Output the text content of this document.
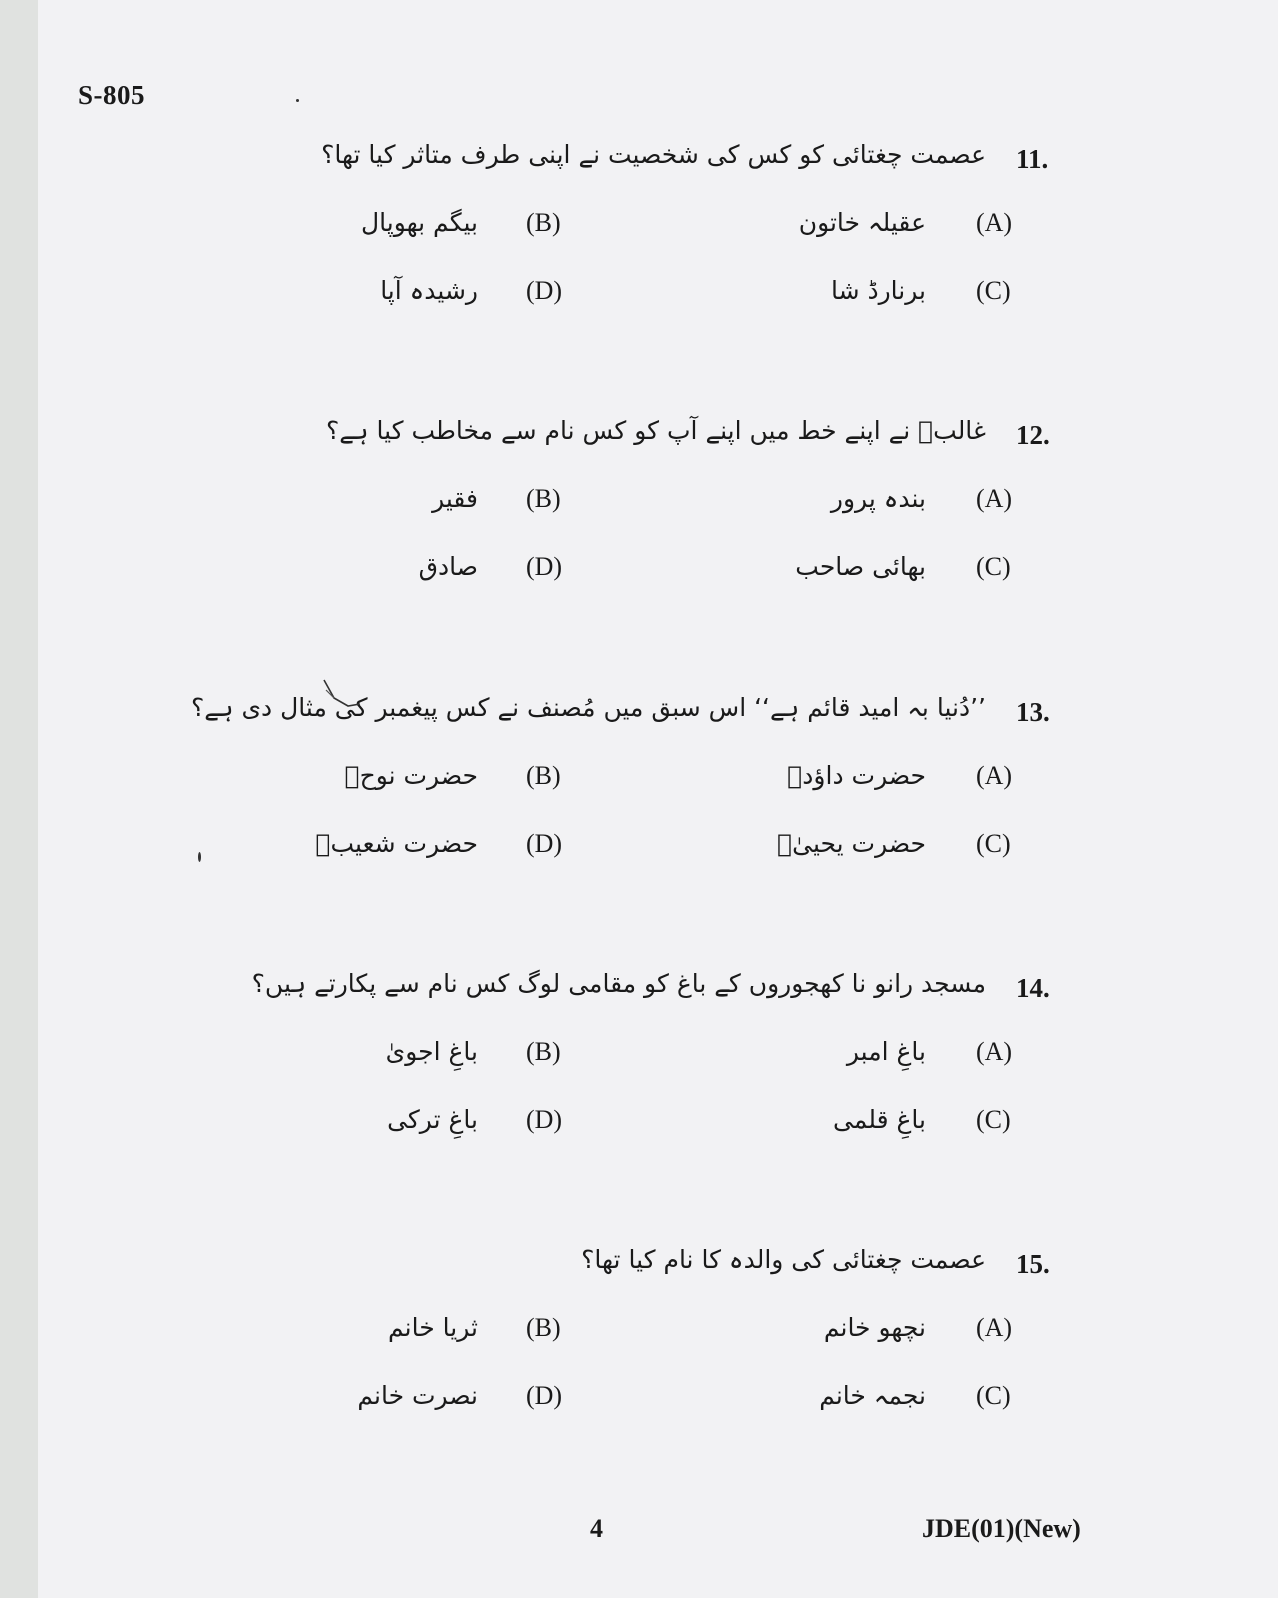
S-805
11.
عصمت چغتائی کو کس کی شخصیت نے اپنی طرف متاثر کیا تھا؟
(A)
عقیلہ خاتون
(B)
بیگم بھوپال
(C)
برنارڈ شا
(D)
رشیدہ آپا
12.
غالبؔ نے اپنے خط میں اپنے آپ کو کس نام سے مخاطب کیا ہے؟
(A)
بندہ پرور
(B)
فقیر
(C)
بھائی صاحب
(D)
صادق
13.
’’دُنیا بہ امید قائم ہے‘‘ اس سبق میں مُصنف نے کس پیغمبر کی مثال دی ہے؟
(A)
حضرت داؤدؑ
(B)
حضرت نوحؑ
(C)
حضرت یحییٰؑ
(D)
حضرت شعیبؑ
14.
مسجد رانو نا کھجوروں کے باغ کو مقامی لوگ کس نام سے پکارتے ہیں؟
(A)
باغِ امبر
(B)
باغِ اجویٰ
(C)
باغِ قلمی
(D)
باغِ ترکی
15.
عصمت چغتائی کی والدہ کا نام کیا تھا؟
(A)
نچھو خانم
(B)
ثریا خانم
(C)
نجمہ خانم
(D)
نصرت خانم
4	JDE(01)(New)
